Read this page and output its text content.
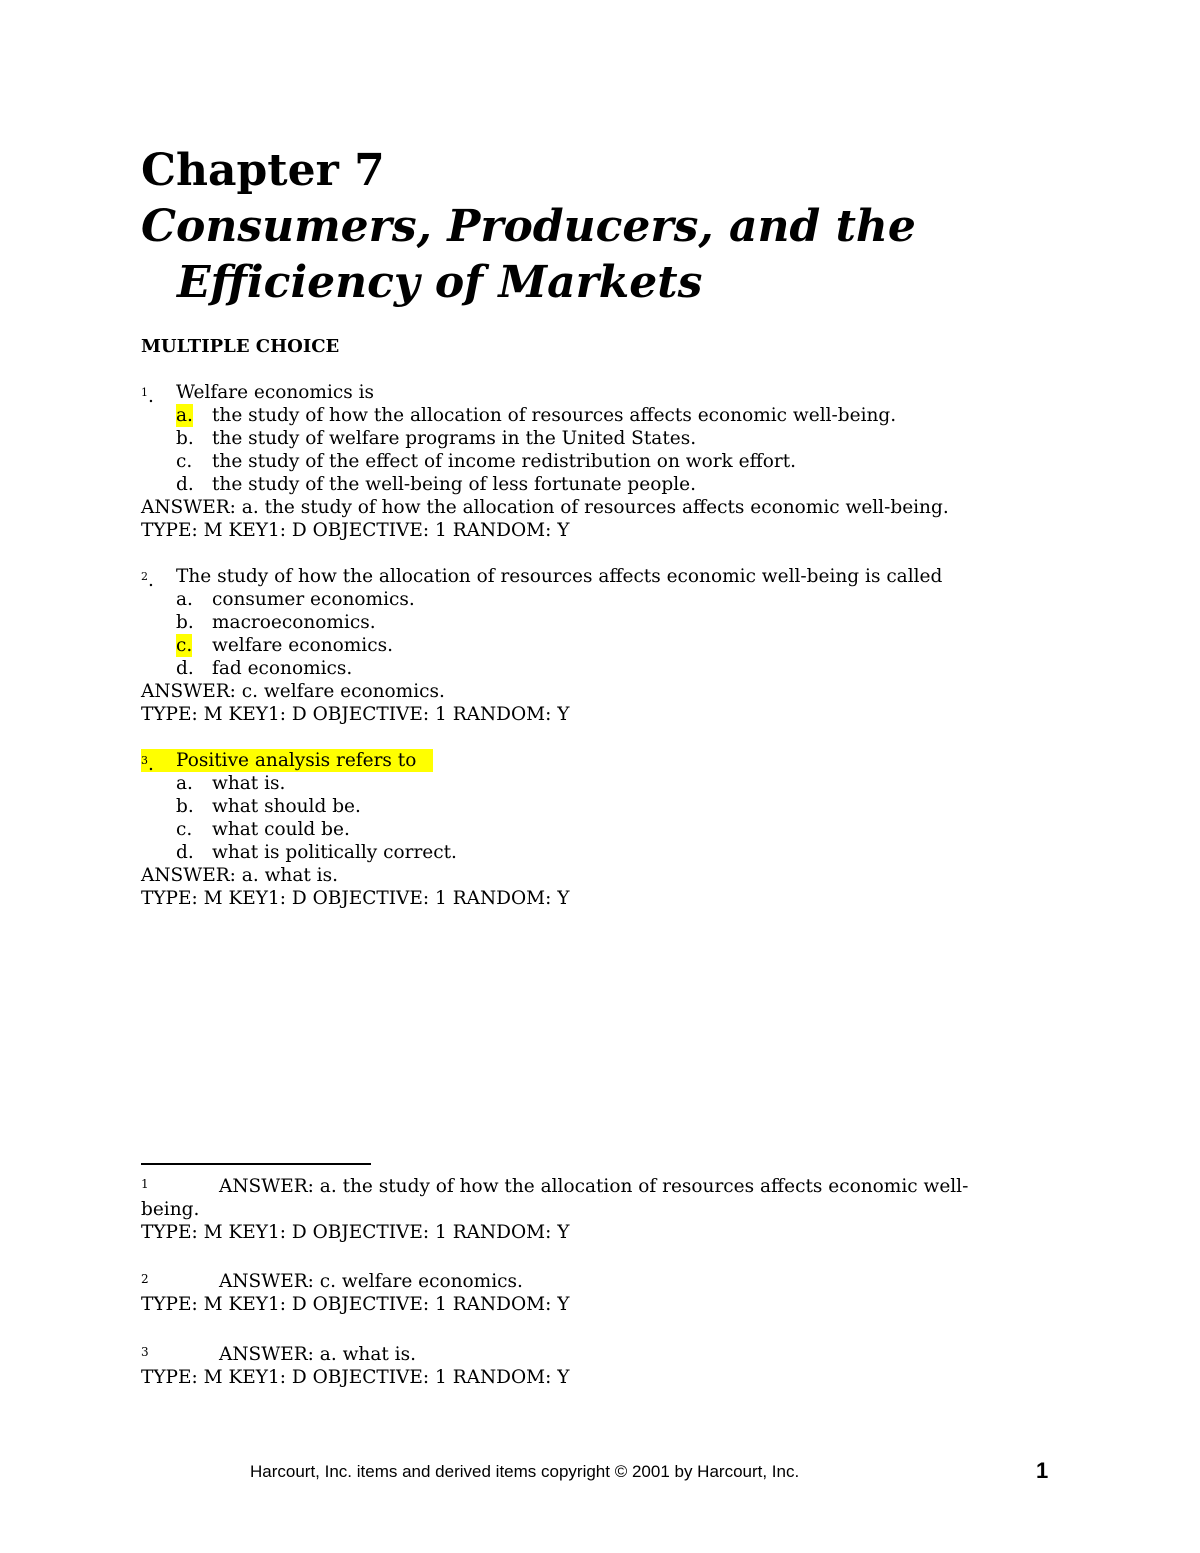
Chapter 7
Consumers, Producers, and the
Efficiency of Markets
MULTIPLE CHOICE
$^1$. Welfare economics is
a. the study of how the allocation of resources affects economic well-being.
b. the study of welfare programs in the United States.
c. the study of the effect of income redistribution on work effort.
d. the study of the well-being of less fortunate people.
ANSWER: a. the study of how the allocation of resources affects economic well-being.
TYPE: M KEY1: D OBJECTIVE: 1 RANDOM: Y
$^2$. The study of how the allocation of resources affects economic well-being is called
a. consumer economics.
b. macroeconomics.
c. welfare economics.
d. fad economics.
ANSWER: c. welfare economics.
TYPE: M KEY1: D OBJECTIVE: 1 RANDOM: Y
$^3$. Positive analysis refers to
a. what is.
b. what should be.
c. what could be.
d. what is politically correct.
ANSWER: a. what is.
TYPE: M KEY1: D OBJECTIVE: 1 RANDOM: Y
1	ANSWER: a. the study of how the allocation of resources affects economic well-
being.
TYPE: M KEY1: D OBJECTIVE: 1 RANDOM: Y
2	ANSWER: c. welfare economics.
TYPE: M KEY1: D OBJECTIVE: 1 RANDOM: Y
3	ANSWER: a. what is.
TYPE: M KEY1: D OBJECTIVE: 1 RANDOM: Y
Harcourt, Inc. items and derived items copyright © 2001 by Harcourt, Inc.	1
